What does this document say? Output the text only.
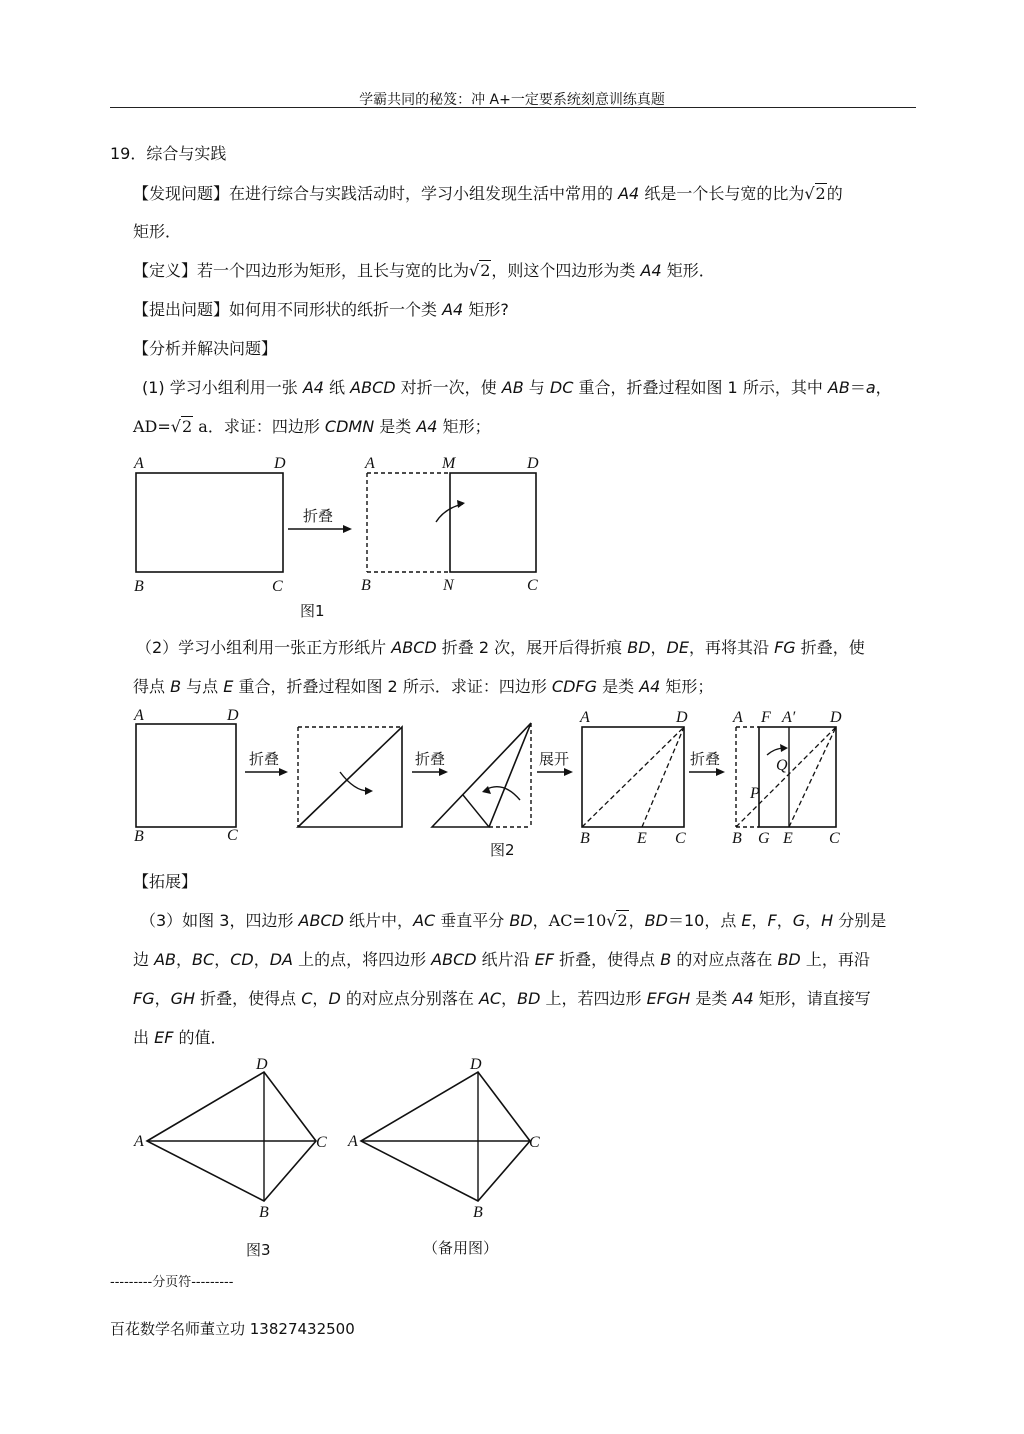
学霸共同的秘笈：冲 A+一定要系统刻意训练真题
19．综合与实践
【发现问题】在进行综合与实践活动时，学习小组发现生活中常用的 A4 纸是一个长与宽的比为√2的
矩形．
【定义】若一个四边形为矩形，且长与宽的比为√2，则这个四边形为类 A4 矩形．
【提出问题】如何用不同形状的纸折一个类 A4 矩形?
【分析并解决问题】
(1) 学习小组利用一张 A4 纸 ABCD 对折一次，使 AB 与 DC 重合，折叠过程如图 1 所示，其中 AB＝a，
AD=√2 a．求证：四边形 CDMN 是类 A4 矩形；
A	D
B	C
折叠
A	M	D
B	N	C
图1
（2）学习小组利用一张正方形纸片 ABCD 折叠 2 次，展开后得折痕 BD，DE，再将其沿 FG 折叠，使
得点 B 与点 E 重合，折叠过程如图 2 所示．求证：四边形 CDFG 是类 A4 矩形；
A	D
B	C
折叠	折叠	展开
A	D
B	E C
图2
折叠
A F A′ D
Q
P
B G E C
【拓展】
（3）如图 3，四边形 ABCD 纸片中，AC 垂直平分 BD，AC=10√2，BD＝10，点 E，F，G，H 分别是
边 AB，BC，CD，DA 上的点，将四边形 ABCD 纸片沿 EF 折叠，使得点 B 的对应点落在 BD 上，再沿
FG，GH 折叠，使得点 C，D 的对应点分别落在 AC，BD 上，若四边形 EFGH 是类 A4 矩形，请直接写
出 EF 的值．
A
D
C
B
图3
A
D
C
B
（备用图）
---------分页符---------
百花数学名师董立功 13827432500
